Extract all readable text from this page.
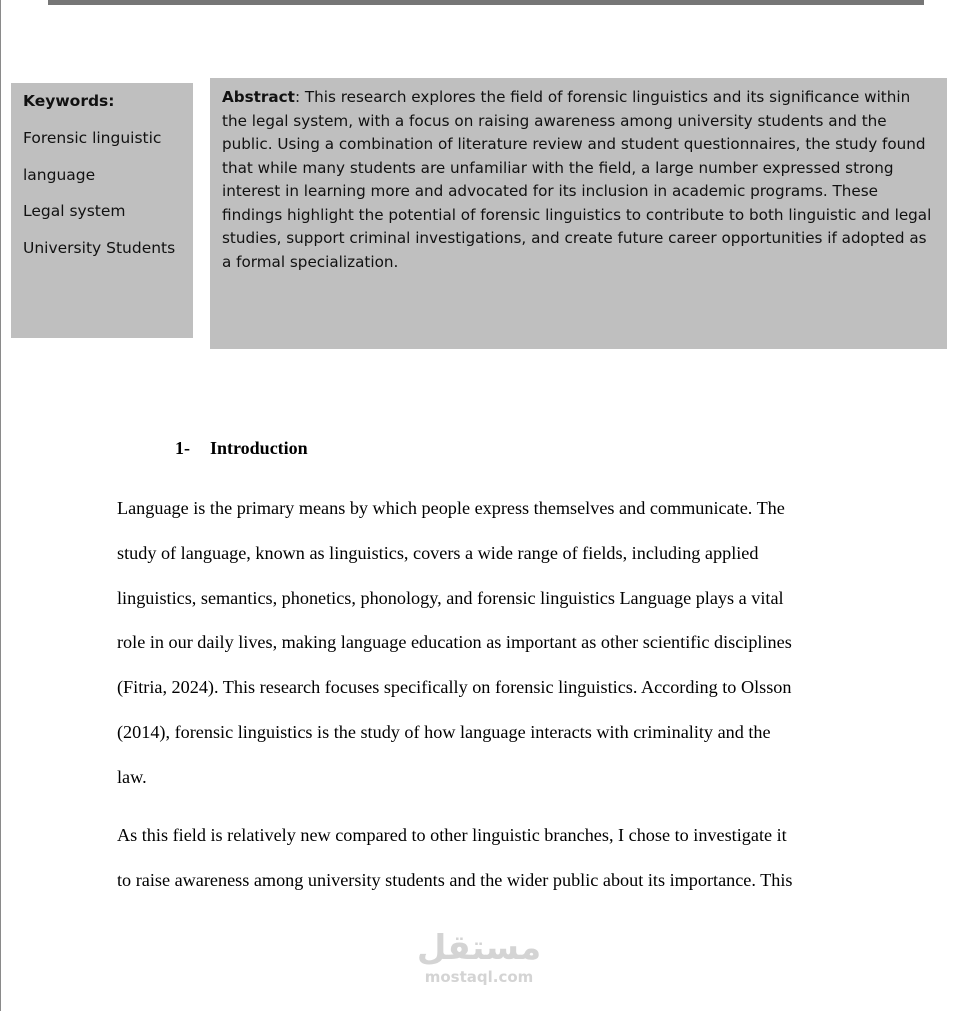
Keywords:
Forensic linguistic
language
Legal system
University Students
Abstract: This research explores the field of forensic linguistics and its significance within the legal system, with a focus on raising awareness among university students and the public. Using a combination of literature review and student questionnaires, the study found that while many students are unfamiliar with the field, a large number expressed strong interest in learning more and advocated for its inclusion in academic programs. These findings highlight the potential of forensic linguistics to contribute to both linguistic and legal studies, support criminal investigations, and create future career opportunities if adopted as a formal specialization.
1- Introduction
Language is the primary means by which people express themselves and communicate. The
study of language, known as linguistics, covers a wide range of fields, including applied
linguistics, semantics, phonetics, phonology, and forensic linguistics Language plays a vital
role in our daily lives, making language education as important as other scientific disciplines
(Fitria, 2024). This research focuses specifically on forensic linguistics. According to Olsson
(2014), forensic linguistics is the study of how language interacts with criminality and the
law.
As this field is relatively new compared to other linguistic branches, I chose to investigate it
to raise awareness among university students and the wider public about its importance. This
مستقل
mostaql.com
